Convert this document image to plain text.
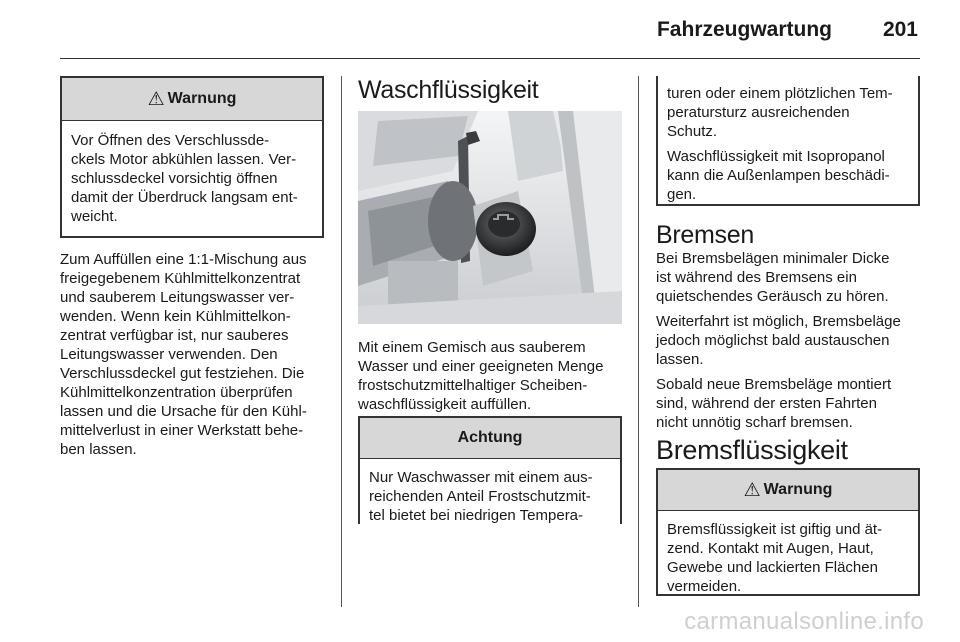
Fahrzeugwartung 201
⚠ Warnung
Vor Öffnen des Verschlussde-
ckels Motor abkühlen lassen. Ver-
schlussdeckel vorsichtig öffnen
damit der Überdruck langsam ent-
weicht.
Zum Auffüllen eine 1:1-Mischung aus
freigegebenem Kühlmittelkonzentrat
und sauberem Leitungswasser ver-
wenden. Wenn kein Kühlmittelkon-
zentrat verfügbar ist, nur sauberes
Leitungswasser verwenden. Den
Verschlussdeckel gut festziehen. Die
Kühlmittelkonzentration überprüfen
lassen und die Ursache für den Kühl-
mittelverlust in einer Werkstatt behe-
ben lassen.
Waschflüssigkeit
Mit einem Gemisch aus sauberem
Wasser und einer geeigneten Menge
frostschutzmittelhaltiger Scheiben-
waschflüssigkeit auffüllen.
Achtung
Nur Waschwasser mit einem aus-
reichenden Anteil Frostschutzmit-
tel bietet bei niedrigen Tempera-
turen oder einem plötzlichen Tem-
peratursturz ausreichenden
Schutz.
Waschflüssigkeit mit Isopropanol
kann die Außenlampen beschädi-
gen.
Bremsen
Bei Bremsbelägen minimaler Dicke
ist während des Bremsens ein
quietschendes Geräusch zu hören.
Weiterfahrt ist möglich, Bremsbeläge
jedoch möglichst bald austauschen
lassen.
Sobald neue Bremsbeläge montiert
sind, während der ersten Fahrten
nicht unnötig scharf bremsen.
Bremsflüssigkeit
⚠ Warnung
Bremsflüssigkeit ist giftig und ät-
zend. Kontakt mit Augen, Haut,
Gewebe und lackierten Flächen
vermeiden.
carmanualsonline.info
